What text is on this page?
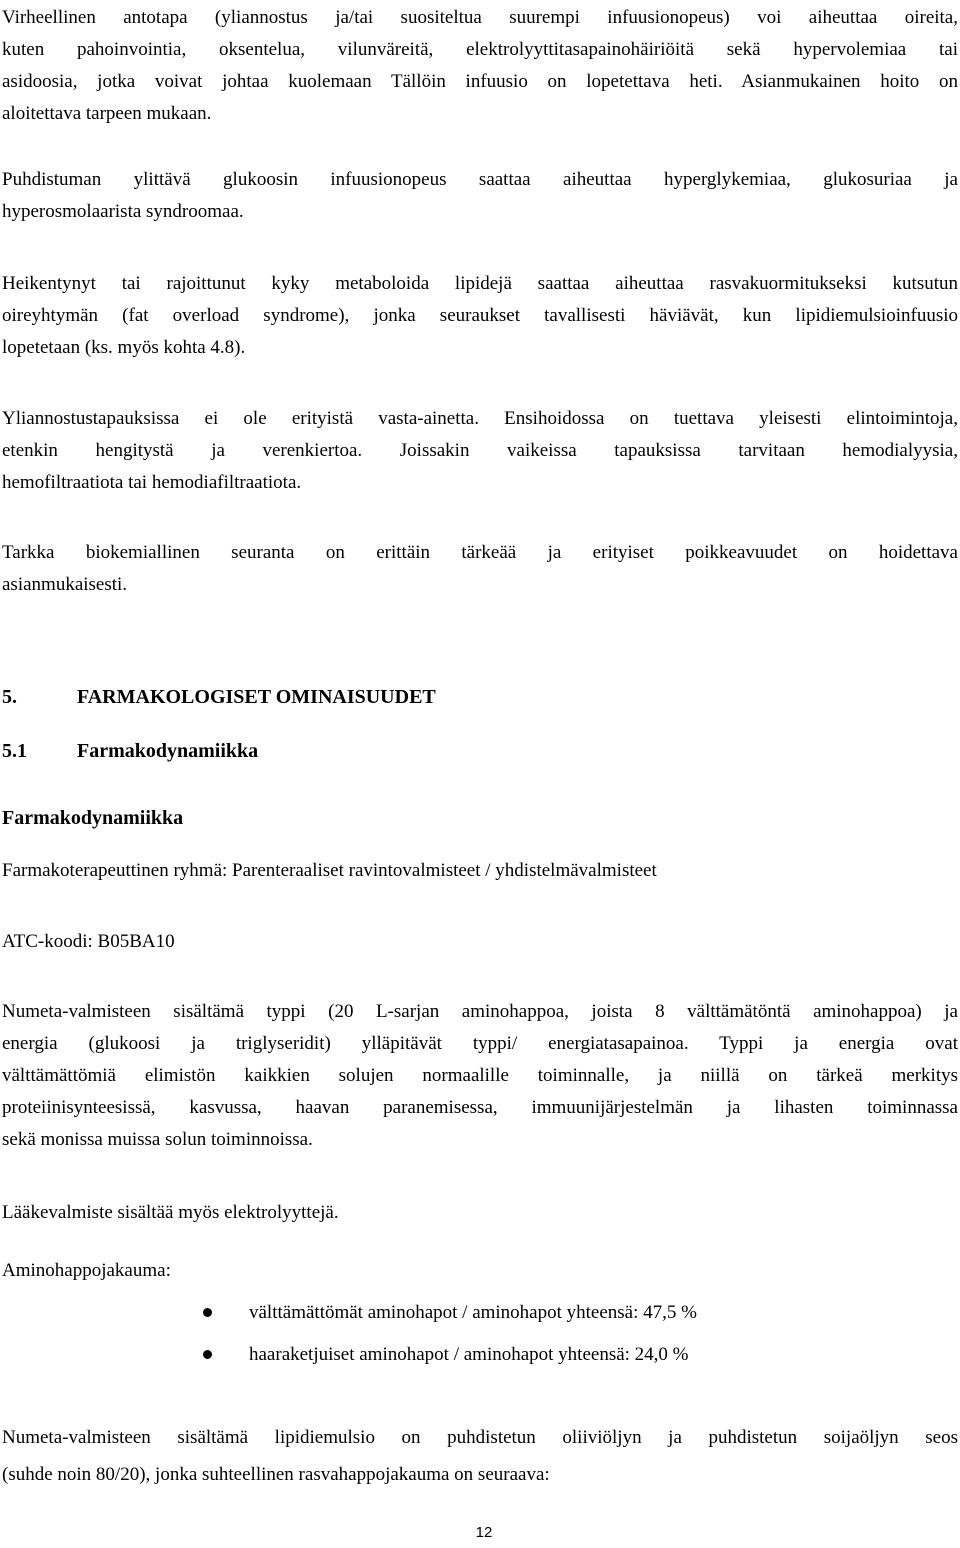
Virheellinen antotapa (yliannostus ja/tai suositeltua suurempi infuusionopeus) voi aiheuttaa oireita,
kuten pahoinvointia, oksentelua, vilunväreitä, elektrolyyttitasapainohäiriöitä sekä hypervolemiaa tai
asidoosia, jotka voivat johtaa kuolemaan Tällöin infuusio on lopetettava heti. Asianmukainen hoito on
aloitettava tarpeen mukaan.
Puhdistuman ylittävä glukoosin infuusionopeus saattaa aiheuttaa hyperglykemiaa, glukosuriaa ja
hyperosmolaarista syndroomaa.
Heikentynyt tai rajoittunut kyky metaboloida lipidejä saattaa aiheuttaa rasvakuormitukseksi kutsutun
oireyhtymän (fat overload syndrome), jonka seuraukset tavallisesti häviävät, kun lipidiemulsioinfuusio
lopetetaan (ks. myös kohta 4.8).
Yliannostustapauksissa ei ole erityistä vasta-ainetta. Ensihoidossa on tuettava yleisesti elintoimintoja,
etenkin hengitystä ja verenkiertoa. Joissakin vaikeissa tapauksissa tarvitaan hemodialyysia,
hemofiltraatiota tai hemodiafiltraatiota.
Tarkka biokemiallinen seuranta on erittäin tärkeää ja erityiset poikkeavuudet on hoidettava
asianmukaisesti.
5.	FARMAKOLOGISET OMINAISUUDET
5.1	Farmakodynamiikka
Farmakodynamiikka
Farmakoterapeuttinen ryhmä: Parenteraaliset ravintovalmisteet / yhdistelmävalmisteet
ATC-koodi: B05BA10
Numeta-valmisteen sisältämä typpi (20 L-sarjan aminohappoa, joista 8 välttämätöntä aminohappoa) ja
energia (glukoosi ja triglyseridit) ylläpitävät typpi/ energiatasapainoa. Typpi ja energia ovat
välttämättömiä elimistön kaikkien solujen normaalille toiminnalle, ja niillä on tärkeä merkitys
proteiinisynteesissä, kasvussa, haavan paranemisessa, immuunijärjestelmän ja lihasten toiminnassa
sekä monissa muissa solun toiminnoissa.
Lääkevalmiste sisältää myös elektrolyyttejä.
Aminohappojakauma:
välttämättömät aminohapot / aminohapot yhteensä: 47,5 %
haaraketjuiset aminohapot / aminohapot yhteensä: 24,0 %
Numeta-valmisteen sisältämä lipidiemulsio on puhdistetun oliiviöljyn ja puhdistetun soijaöljyn seos
(suhde noin 80/20), jonka suhteellinen rasvahappojakauma on seuraava:
12
